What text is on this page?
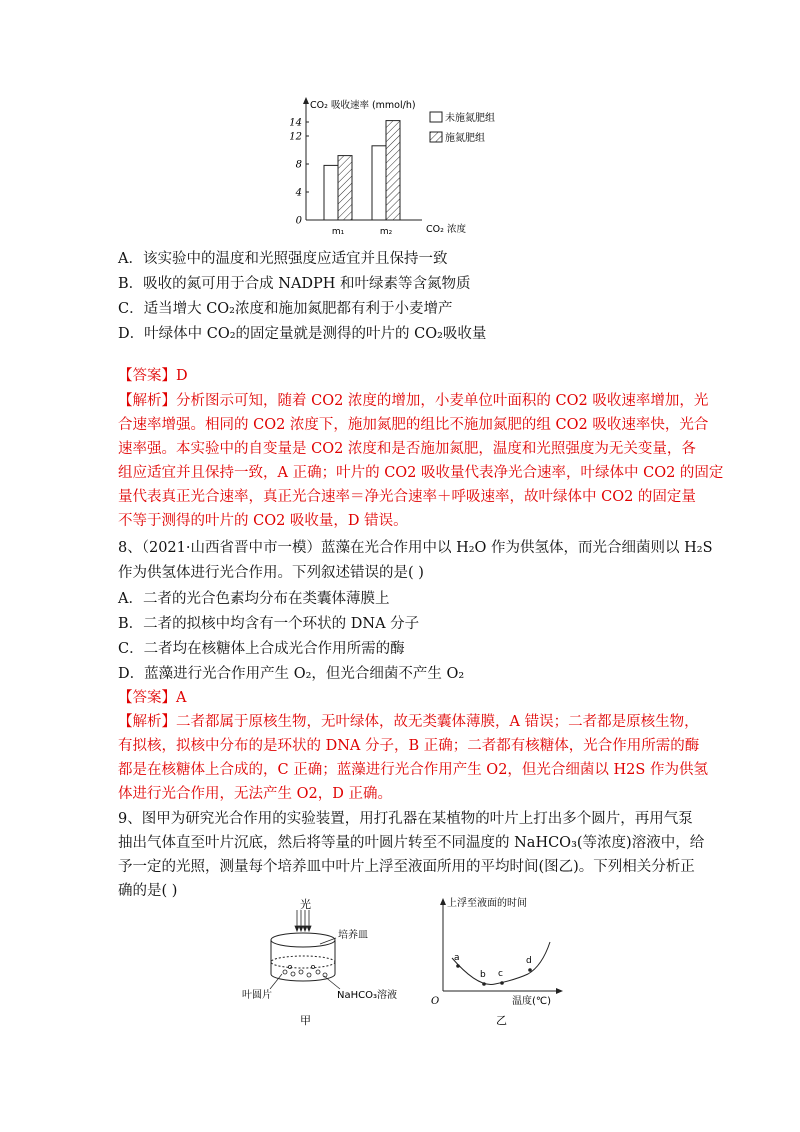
CO₂ 吸收速率 (mmol/h)
CO₂ 浓度
0
4
8
12
14
m₁	m₂
未施氮肥组
施氮肥组
A．该实验中的温度和光照强度应适宜并且保持一致
B．吸收的氮可用于合成 NADPH 和叶绿素等含氮物质
C．适当增大 CO₂浓度和施加氮肥都有利于小麦增产
D．叶绿体中 CO₂的固定量就是测得的叶片的 CO₂吸收量
【答案】D
【解析】分析图示可知，随着 CO2 浓度的增加，小麦单位叶面积的 CO2 吸收速率增加，光
合速率增强。相同的 CO2 浓度下，施加氮肥的组比不施加氮肥的组 CO2 吸收速率快，光合
速率强。本实验中的自变量是 CO2 浓度和是否施加氮肥，温度和光照强度为无关变量，各
组应适宜并且保持一致，A 正确；叶片的 CO2 吸收量代表净光合速率，叶绿体中 CO2 的固定
量代表真正光合速率，真正光合速率＝净光合速率＋呼吸速率，故叶绿体中 CO2 的固定量
不等于测得的叶片的 CO2 吸收量，D 错误。
8、（2021·山西省晋中市一模）蓝藻在光合作用中以 H₂O 作为供氢体，而光合细菌则以 H₂S
作为供氢体进行光合作用。下列叙述错误的是( )
A．二者的光合色素均分布在类囊体薄膜上
B．二者的拟核中均含有一个环状的 DNA 分子
C．二者均在核糖体上合成光合作用所需的酶
D．蓝藻进行光合作用产生 O₂，但光合细菌不产生 O₂
【答案】A
【解析】二者都属于原核生物，无叶绿体，故无类囊体薄膜，A 错误；二者都是原核生物，
有拟核，拟核中分布的是环状的 DNA 分子，B 正确；二者都有核糖体，光合作用所需的酶
都是在核糖体上合成的，C 正确；蓝藻进行光合作用产生 O2，但光合细菌以 H2S 作为供氢
体进行光合作用，无法产生 O2，D 正确。
9、图甲为研究光合作用的实验装置，用打孔器在某植物的叶片上打出多个圆片，再用气泵
抽出气体直至叶片沉底，然后将等量的叶圆片转至不同温度的 NaHCO₃(等浓度)溶液中，给
予一定的光照，测量每个培养皿中叶片上浮至液面所用的平均时间(图乙)。下列相关分析正
确的是( )
光
培养皿
叶圆片	NaHCO₃溶液
甲
上浮至液面的时间
O	温度(℃)
a
b c
d
乙
